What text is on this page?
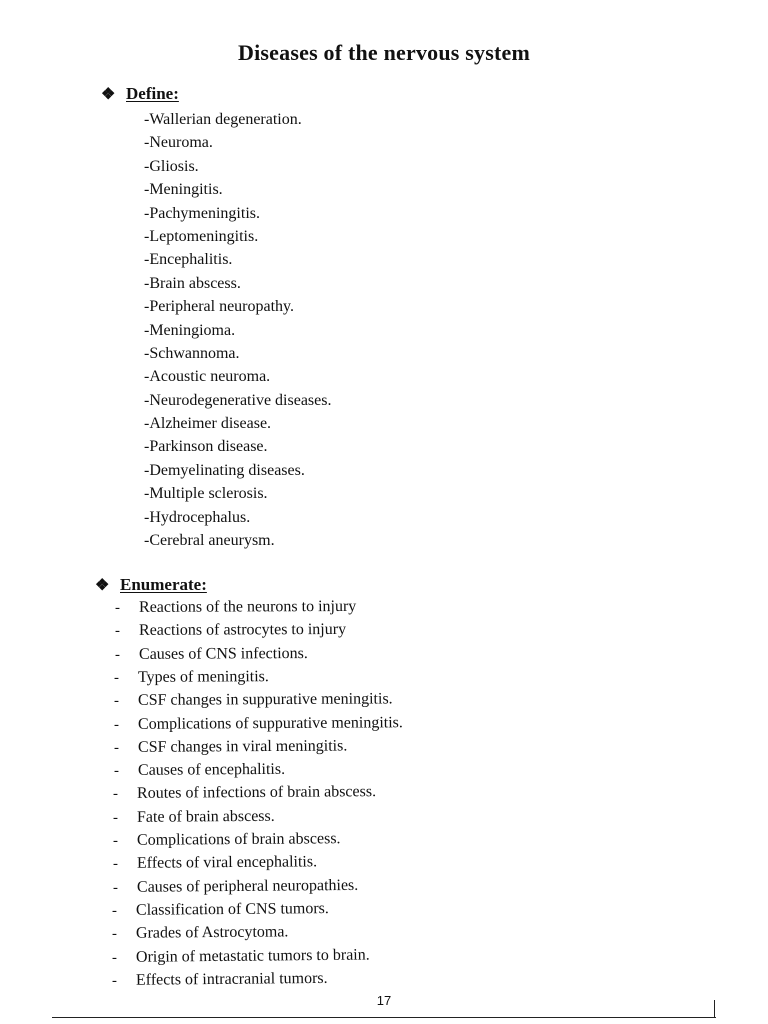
Diseases of the nervous system
❖ Define:
-Wallerian degeneration.
-Neuroma.
-Gliosis.
-Meningitis.
-Pachymeningitis.
-Leptomeningitis.
-Encephalitis.
-Brain abscess.
-Peripheral neuropathy.
-Meningioma.
-Schwannoma.
-Acoustic neuroma.
-Neurodegenerative diseases.
-Alzheimer disease.
-Parkinson disease.
-Demyelinating diseases.
-Multiple sclerosis.
-Hydrocephalus.
-Cerebral aneurysm.
❖ Enumerate:
-	Reactions of the neurons to injury
-	Reactions of astrocytes to injury
-	Causes of CNS infections.
-	Types of meningitis.
-	CSF changes in suppurative meningitis.
-	Complications of suppurative meningitis.
-	CSF changes in viral meningitis.
-	Causes of encephalitis.
-	Routes of infections of brain abscess.
-	Fate of brain abscess.
-	Complications of brain abscess.
-	Effects of viral encephalitis.
-	Causes of peripheral neuropathies.
-	Classification of CNS tumors.
-	Grades of Astrocytoma.
-	Origin of metastatic tumors to brain.
-	Effects of intracranial tumors.
17
